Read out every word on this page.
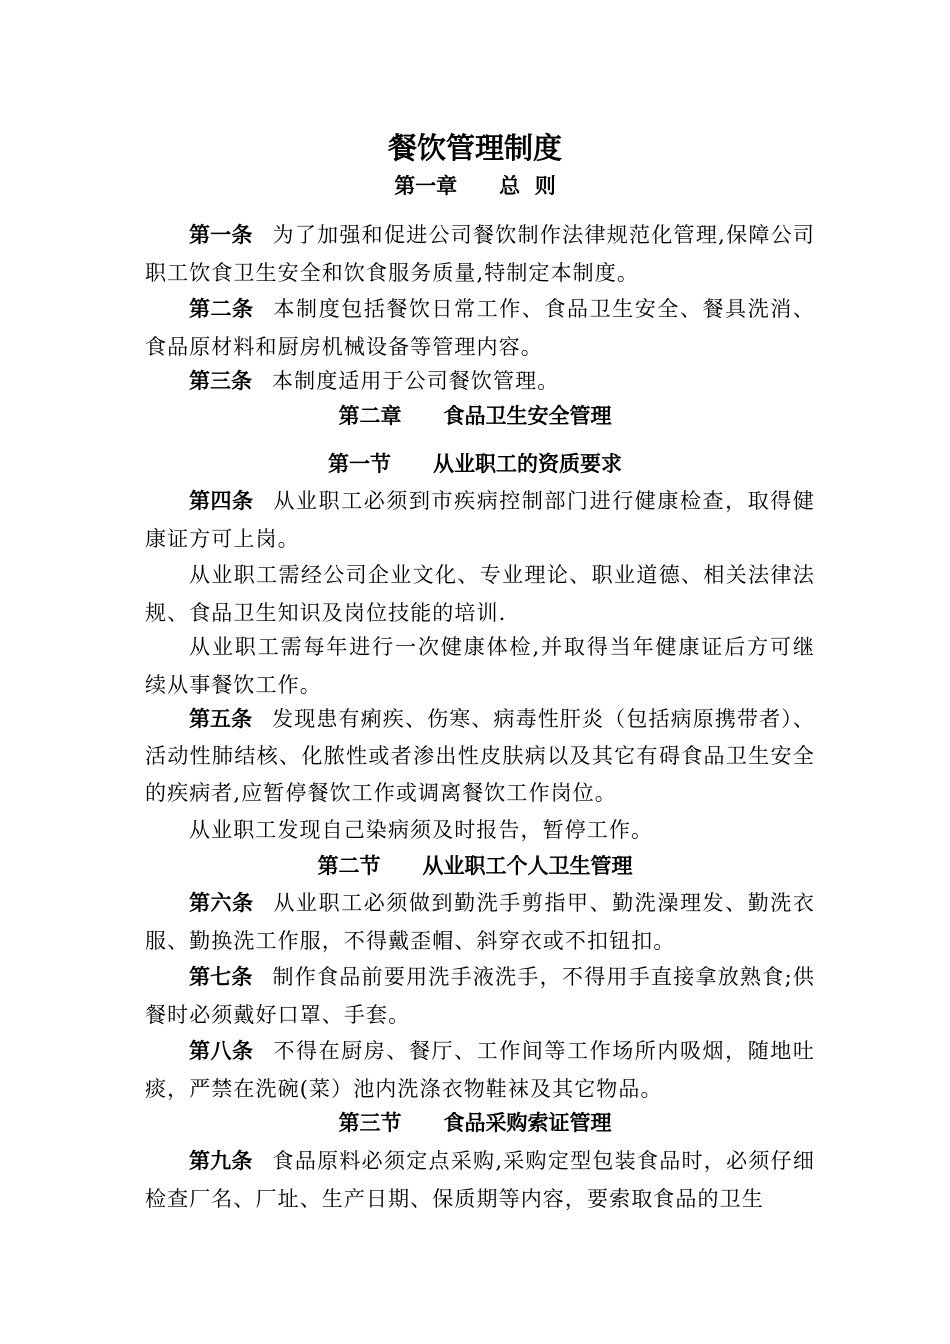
餐饮管理制度
第一章　　总  则

第一条 为了加强和促进公司餐饮制作法律规范化管理,保障公司职工饮食卫生安全和饮食服务质量,特制定本制度。

第二条 本制度包括餐饮日常工作、食品卫生安全、餐具洗消、食品原材料和厨房机械设备等管理内容。

第三条 本制度适用于公司餐饮管理。

第二章　　食品卫生安全管理
第一节　　从业职工的资质要求

第四条 从业职工必须到市疾病控制部门进行健康检查，取得健康证方可上岗。

从业职工需经公司企业文化、专业理论、职业道德、相关法律法规、食品卫生知识及岗位技能的培训.

从业职工需每年进行一次健康体检,并取得当年健康证后方可继续从事餐饮工作。

第五条 发现患有痢疾、伤寒、病毒性肝炎（包括病原携带者）、活动性肺结核、化脓性或者渗出性皮肤病以及其它有碍食品卫生安全的疾病者,应暂停餐饮工作或调离餐饮工作岗位。

从业职工发现自己染病须及时报告，暂停工作。

第二节　　从业职工个人卫生管理

第六条 从业职工必须做到勤洗手剪指甲、勤洗澡理发、勤洗衣服、勤换洗工作服，不得戴歪帽、斜穿衣或不扣钮扣。

第七条 制作食品前要用洗手液洗手，不得用手直接拿放熟食;供餐时必须戴好口罩、手套。

第八条 不得在厨房、餐厅、工作间等工作场所内吸烟，随地吐痰，严禁在洗碗(菜）池内洗涤衣物鞋袜及其它物品。

第三节　　食品采购索证管理

第九条 食品原料必须定点采购,采购定型包装食品时，必须仔细检查厂名、厂址、生产日期、保质期等内容，要索取食品的卫生
